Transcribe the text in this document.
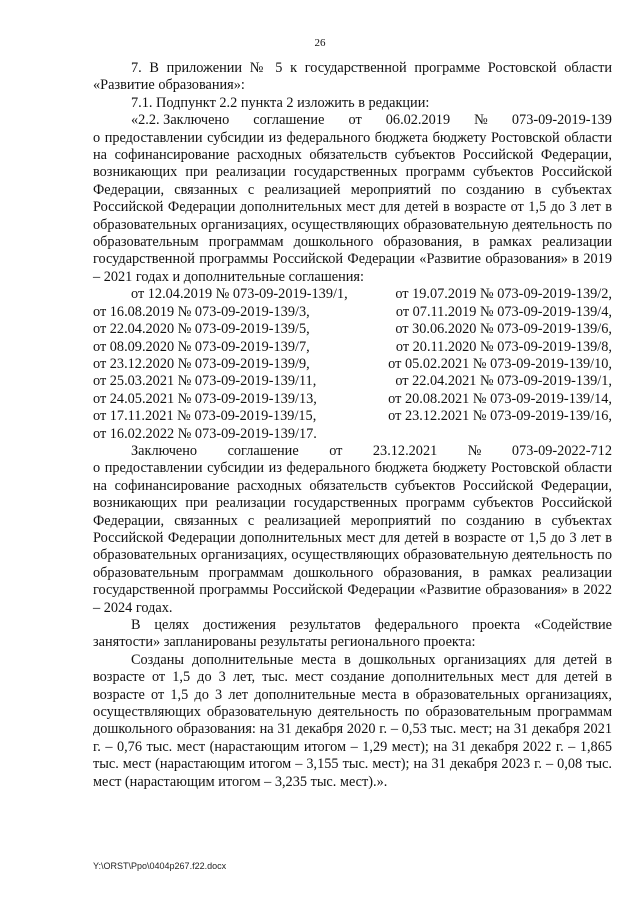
26

7. В приложении № 5 к государственной программе Ростовской области «Развитие образования»:

7.1. Подпункт 2.2 пункта 2 изложить в редакции:

«2.2. Заключено соглашение от 06.02.2019 № 073-09-2019-139

о предоставлении субсидии из федерального бюджета бюджету Ростовской области на софинансирование расходных обязательств субъектов Российской Федерации, возникающих при реализации государственных программ субъектов Российской Федерации, связанных с реализацией мероприятий по созданию в субъектах Российской Федерации дополнительных мест для детей в возрасте от 1,5 до 3 лет в образовательных организациях, осуществляющих образовательную деятельность по образовательным программам дошкольного образования, в рамках реализации государственной программы Российской Федерации «Развитие образования» в 2019 – 2021 годах и дополнительные соглашения:

от 12.04.2019 № 073-09-2019-139/1,	от 19.07.2019 № 073-09-2019-139/2,
от 16.08.2019 № 073-09-2019-139/3,	от 07.11.2019 № 073-09-2019-139/4,
от 22.04.2020 № 073-09-2019-139/5,	от 30.06.2020 № 073-09-2019-139/6,
от 08.09.2020 № 073-09-2019-139/7,	от 20.11.2020 № 073-09-2019-139/8,
от 23.12.2020 № 073-09-2019-139/9,	от 05.02.2021 № 073-09-2019-139/10,
от 25.03.2021 № 073-09-2019-139/11,	от 22.04.2021 № 073-09-2019-139/1,
от 24.05.2021 № 073-09-2019-139/13,	от 20.08.2021 № 073-09-2019-139/14,
от 17.11.2021 № 073-09-2019-139/15,	от 23.12.2021 № 073-09-2019-139/16,
от 16.02.2022 № 073-09-2019-139/17.
Заключено соглашение от 23.12.2021 № 073-09-2022-712

о предоставлении субсидии из федерального бюджета бюджету Ростовской области на софинансирование расходных обязательств субъектов Российской Федерации, возникающих при реализации государственных программ субъектов Российской Федерации, связанных с реализацией мероприятий по созданию в субъектах Российской Федерации дополнительных мест для детей в возрасте от 1,5 до 3 лет в образовательных организациях, осуществляющих образовательную деятельность по образовательным программам дошкольного образования, в рамках реализации государственной программы Российской Федерации «Развитие образования» в 2022 – 2024 годах.

В целях достижения результатов федерального проекта «Содействие занятости» запланированы результаты регионального проекта:

Созданы дополнительные места в дошкольных организациях для детей в возрасте от 1,5 до 3 лет, тыс. мест создание дополнительных мест для детей в возрасте от 1,5 до 3 лет дополнительные места в образовательных организациях, осуществляющих образовательную деятельность по образовательным программам дошкольного образования: на 31 декабря 2020 г. – 0,53 тыс. мест; на 31 декабря 2021 г. – 0,76 тыс. мест (нарастающим итогом – 1,29 мест); на 31 декабря 2022 г. – 1,865 тыс. мест (нарастающим итогом – 3,155 тыс. мест); на 31 декабря 2023 г. – 0,08 тыс. мест (нарастающим итогом – 3,235 тыс. мест).».

Y:\ORST\Ppo\0404p267.f22.docx
